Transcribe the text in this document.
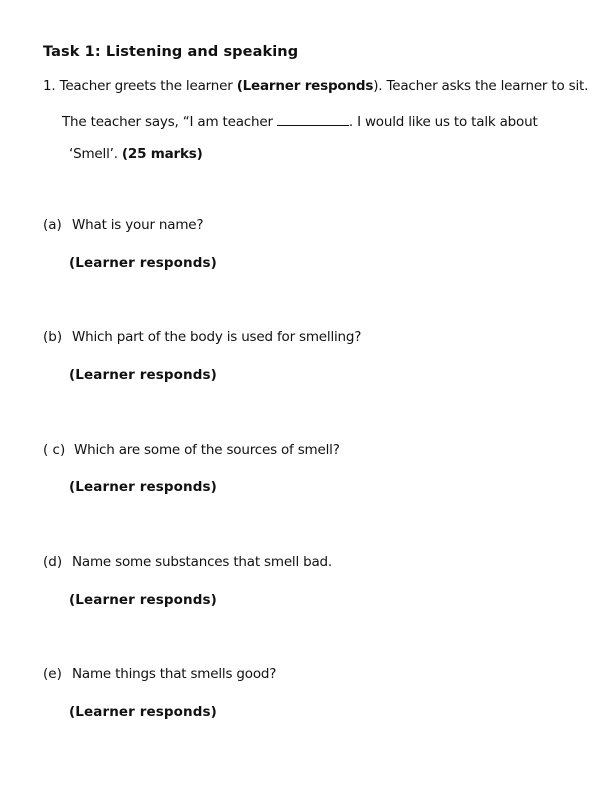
Task 1: Listening and speaking
1. Teacher greets the learner (Learner responds). Teacher asks the learner to sit.
The teacher says, “I am teacher	. I would like us to talk about
‘Smell’. (25 marks)
(a) What is your name?
(Learner responds)
(b) Which part of the body is used for smelling?
(Learner responds)
( c) Which are some of the sources of smell?
(Learner responds)
(d) Name some substances that smell bad.
(Learner responds)
(e) Name things that smells good?
(Learner responds)
